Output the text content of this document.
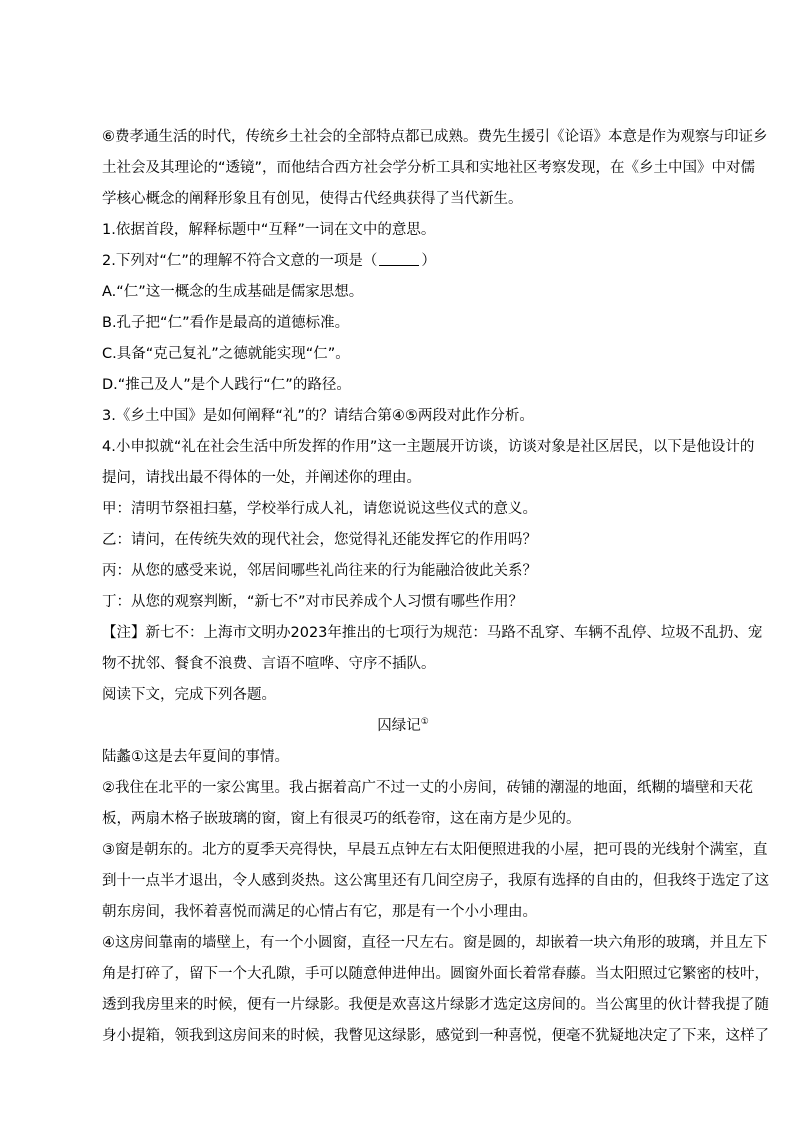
⑥费孝通生活的时代，传统乡土社会的全部特点都已成熟。费先生援引《论语》本意是作为观察与印证乡
土社会及其理论的“透镜”，而他结合西方社会学分析工具和实地社区考察发现，在《乡土中国》中对儒
学核心概念的阐释形象且有创见，使得古代经典获得了当代新生。
1.依据首段，解释标题中“互释”一词在文中的意思。
2.下列对“仁”的理解不符合文意的一项是（	）
A.“仁”这一概念的生成基础是儒家思想。
B.孔子把“仁”看作是最高的道德标准。
C.具备“克己复礼”之德就能实现“仁”。
D.“推己及人”是个人践行“仁”的路径。
3.《乡土中国》是如何阐释“礼”的？请结合第④⑤两段对此作分析。
4.小申拟就“礼在社会生活中所发挥的作用”这一主题展开访谈，访谈对象是社区居民，以下是他设计的
提问，请找出最不得体的一处，并阐述你的理由。
甲：清明节祭祖扫墓，学校举行成人礼，请您说说这些仪式的意义。
乙：请问，在传统失效的现代社会，您觉得礼还能发挥它的作用吗？
丙：从您的感受来说，邻居间哪些礼尚往来的行为能融洽彼此关系？
丁：从您的观察判断，“新七不”对市民养成个人习惯有哪些作用？
【注】新七不：上海市文明办2023年推出的七项行为规范：马路不乱穿、车辆不乱停、垃圾不乱扔、宠
物不扰邻、餐食不浪费、言语不喧哗、守序不插队。
阅读下文，完成下列各题。
囚绿记①
陆蠡①这是去年夏间的事情。
②我住在北平的一家公寓里。我占据着高广不过一丈的小房间，砖铺的潮湿的地面，纸糊的墙壁和天花
板，两扇木格子嵌玻璃的窗，窗上有很灵巧的纸卷帘，这在南方是少见的。
③窗是朝东的。北方的夏季天亮得快，早晨五点钟左右太阳便照进我的小屋，把可畏的光线射个满室，直
到十一点半才退出，令人感到炎热。这公寓里还有几间空房子，我原有选择的自由的，但我终于选定了这
朝东房间，我怀着喜悦而满足的心情占有它，那是有一个小小理由。
④这房间靠南的墙壁上，有一个小圆窗，直径一尺左右。窗是圆的，却嵌着一块六角形的玻璃，并且左下
角是打碎了，留下一个大孔隙，手可以随意伸进伸出。圆窗外面长着常春藤。当太阳照过它繁密的枝叶，
透到我房里来的时候，便有一片绿影。我便是欢喜这片绿影才选定这房间的。当公寓里的伙计替我提了随
身小提箱，领我到这房间来的时候，我瞥见这绿影，感觉到一种喜悦，便毫不犹疑地决定了下来，这样了
